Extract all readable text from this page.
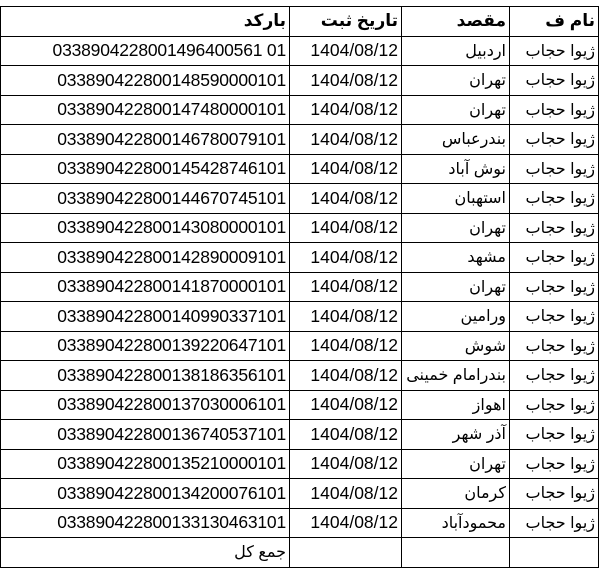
نام ف	مقصد	تاریخ ثبت	بارکد
ژیوا حجاب	اردبیل	1404/08/12	0338904228001496400561 01
ژیوا حجاب	تهران	1404/08/12	033890422800148590000101
ژیوا حجاب	تهران	1404/08/12	033890422800147480000101
ژیوا حجاب	بندرعباس	1404/08/12	033890422800146780079101
ژیوا حجاب	نوش آباد	1404/08/12	033890422800145428746101
ژیوا حجاب	استهبان	1404/08/12	033890422800144670745101
ژیوا حجاب	تهران	1404/08/12	033890422800143080000101
ژیوا حجاب	مشهد	1404/08/12	033890422800142890009101
ژیوا حجاب	تهران	1404/08/12	033890422800141870000101
ژیوا حجاب	ورامین	1404/08/12	033890422800140990337101
ژیوا حجاب	شوش	1404/08/12	033890422800139220647101
ژیوا حجاب	بندرامام خمینی	1404/08/12	033890422800138186356101
ژیوا حجاب	اهواز	1404/08/12	033890422800137030006101
ژیوا حجاب	آذر شهر	1404/08/12	033890422800136740537101
ژیوا حجاب	تهران	1404/08/12	033890422800135210000101
ژیوا حجاب	کرمان	1404/08/12	033890422800134200076101
ژیوا حجاب	محمودآباد	1404/08/12	033890422800133130463101
			جمع کل
